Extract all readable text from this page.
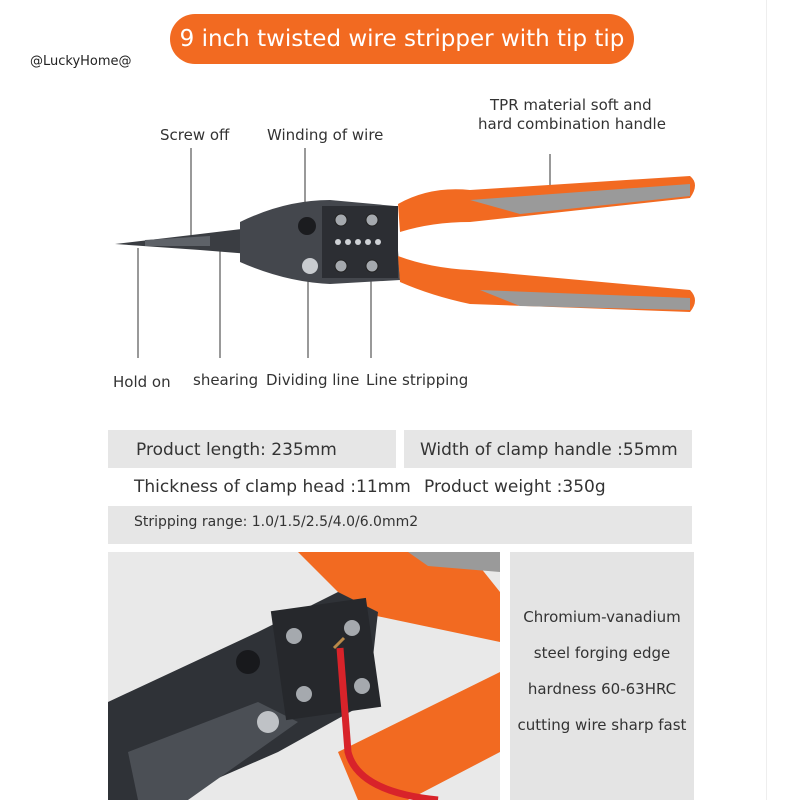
@LuckyHome@
9 inch twisted wire stripper with tip tip
Screw off	Winding of wire
TPR material soft and
hard combination handle
Hold on shearing Dividing line Line stripping
Product length: 235mm	Width of clamp handle :55mm
Thickness of clamp head :11mm Product weight :350g
Stripping range: 1.0/1.5/2.5/4.0/6.0mm2
Chromium-vanadium
steel forging edge
hardness 60-63HRC
cutting wire sharp fast
